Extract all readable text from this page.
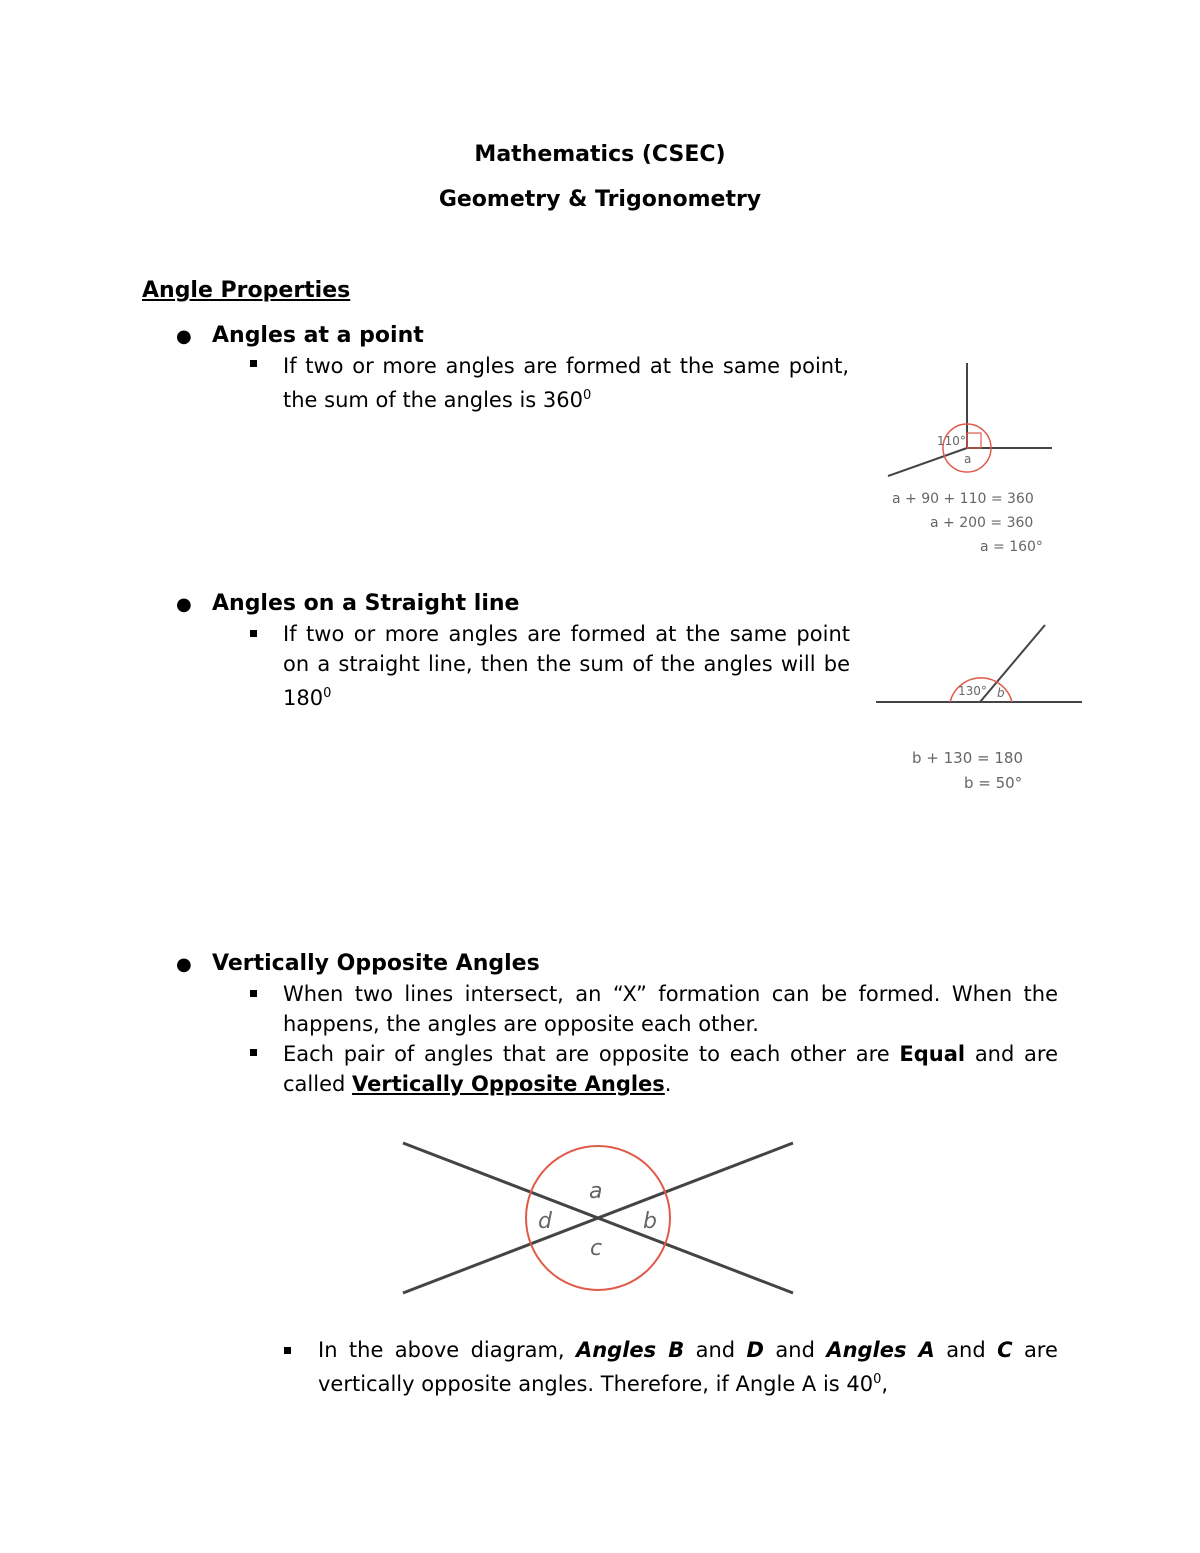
Mathematics (CSEC)
Geometry & Trigonometry
Angle Properties
● Angles at a point
If two or more angles are formed at the same point, the sum of the angles is $360^0$
110°
a
a + 90 + 110 = 360
a + 200 = 360
a = 160°
● Angles on a Straight line
If two or more angles are formed at the same point on a straight line, then the sum of the angles will be $180^0$	130° b
b + 130 = 180
b = 50°
● Vertically Opposite Angles
When two lines intersect, an “X” formation can be formed. When the happens, the angles are opposite each other.
Each pair of angles that are opposite to each other are Equal and are called Vertically Opposite Angles.
a
b
c
d
In the above diagram, Angles B and D and Angles A and C are vertically opposite angles. Therefore, if Angle A is $40^0$,
